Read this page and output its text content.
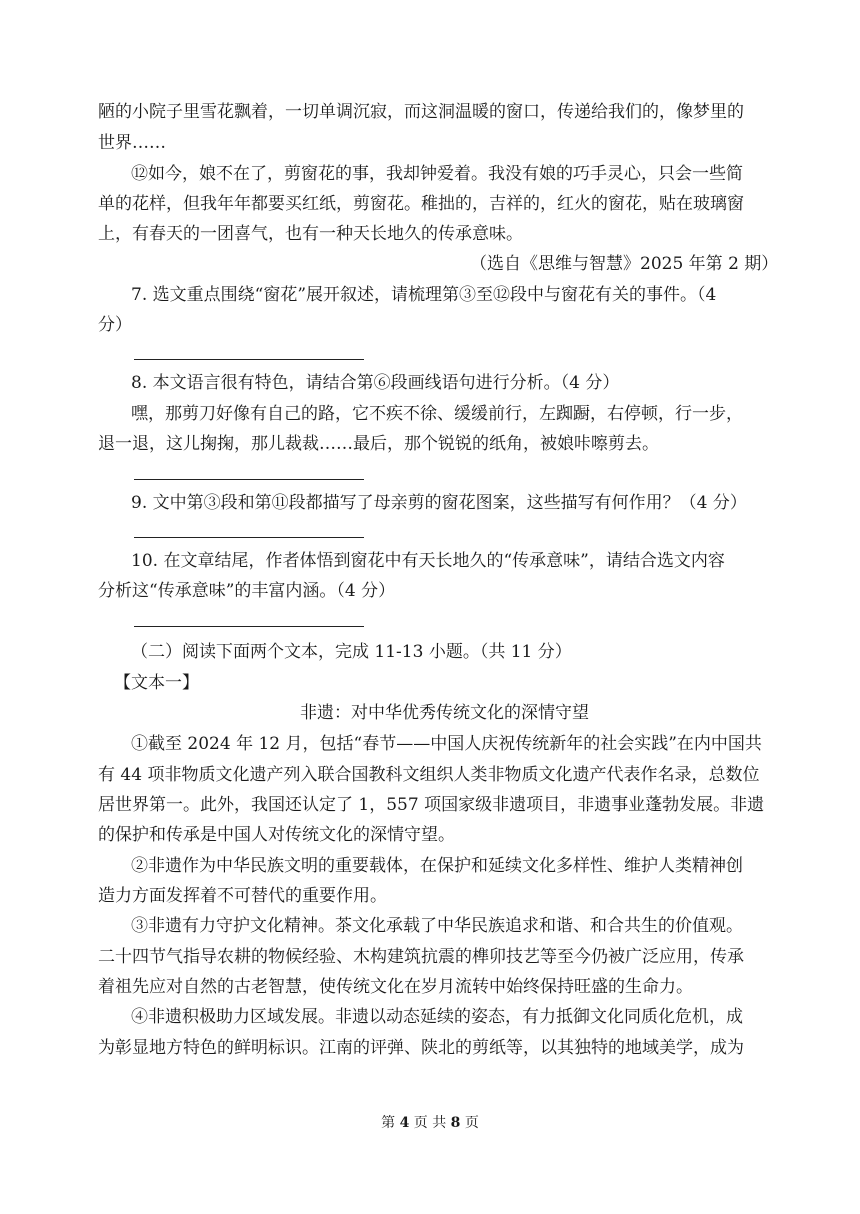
陋的小院子里雪花飘着，一切单调沉寂，而这洞温暖的窗口，传递给我们的，像梦里的
世界……
⑫如今，娘不在了，剪窗花的事，我却钟爱着。我没有娘的巧手灵心，只会一些简
单的花样，但我年年都要买红纸，剪窗花。稚拙的，吉祥的，红火的窗花，贴在玻璃窗
上，有春天的一团喜气，也有一种天长地久的传承意味。
（选自《思维与智慧》2025 年第 2 期）
7. 选文重点围绕“窗花”展开叙述，请梳理第③至⑫段中与窗花有关的事件。（4
分）
8. 本文语言很有特色，请结合第⑥段画线语句进行分析。（4 分）
嘿，那剪刀好像有自己的路，它不疾不徐、缓缓前行，左踟蹰，右停顿，行一步，
退一退，这儿掬掬，那儿裁裁……最后，那个锐锐的纸角，被娘咔嚓剪去。
9. 文中第③段和第⑪段都描写了母亲剪的窗花图案，这些描写有何作用？（4 分）
10. 在文章结尾，作者体悟到窗花中有天长地久的“传承意味”，请结合选文内容
分析这“传承意味”的丰富内涵。（4 分）
（二）阅读下面两个文本，完成 11-13 小题。（共 11 分）
【文本一】
非遗：对中华优秀传统文化的深情守望
①截至 2024 年 12 月，包括“春节——中国人庆祝传统新年的社会实践”在内中国共
有 44 项非物质文化遗产列入联合国教科文组织人类非物质文化遗产代表作名录，总数位
居世界第一。此外，我国还认定了 1，557 项国家级非遗项目，非遗事业蓬勃发展。非遗
的保护和传承是中国人对传统文化的深情守望。
②非遗作为中华民族文明的重要载体，在保护和延续文化多样性、维护人类精神创
造力方面发挥着不可替代的重要作用。
③非遗有力守护文化精神。茶文化承载了中华民族追求和谐、和合共生的价值观。
二十四节气指导农耕的物候经验、木构建筑抗震的榫卯技艺等至今仍被广泛应用，传承
着祖先应对自然的古老智慧，使传统文化在岁月流转中始终保持旺盛的生命力。
④非遗积极助力区域发展。非遗以动态延续的姿态，有力抵御文化同质化危机，成
为彰显地方特色的鲜明标识。江南的评弹、陕北的剪纸等，以其独特的地域美学，成为
第 4 页 共 8 页
